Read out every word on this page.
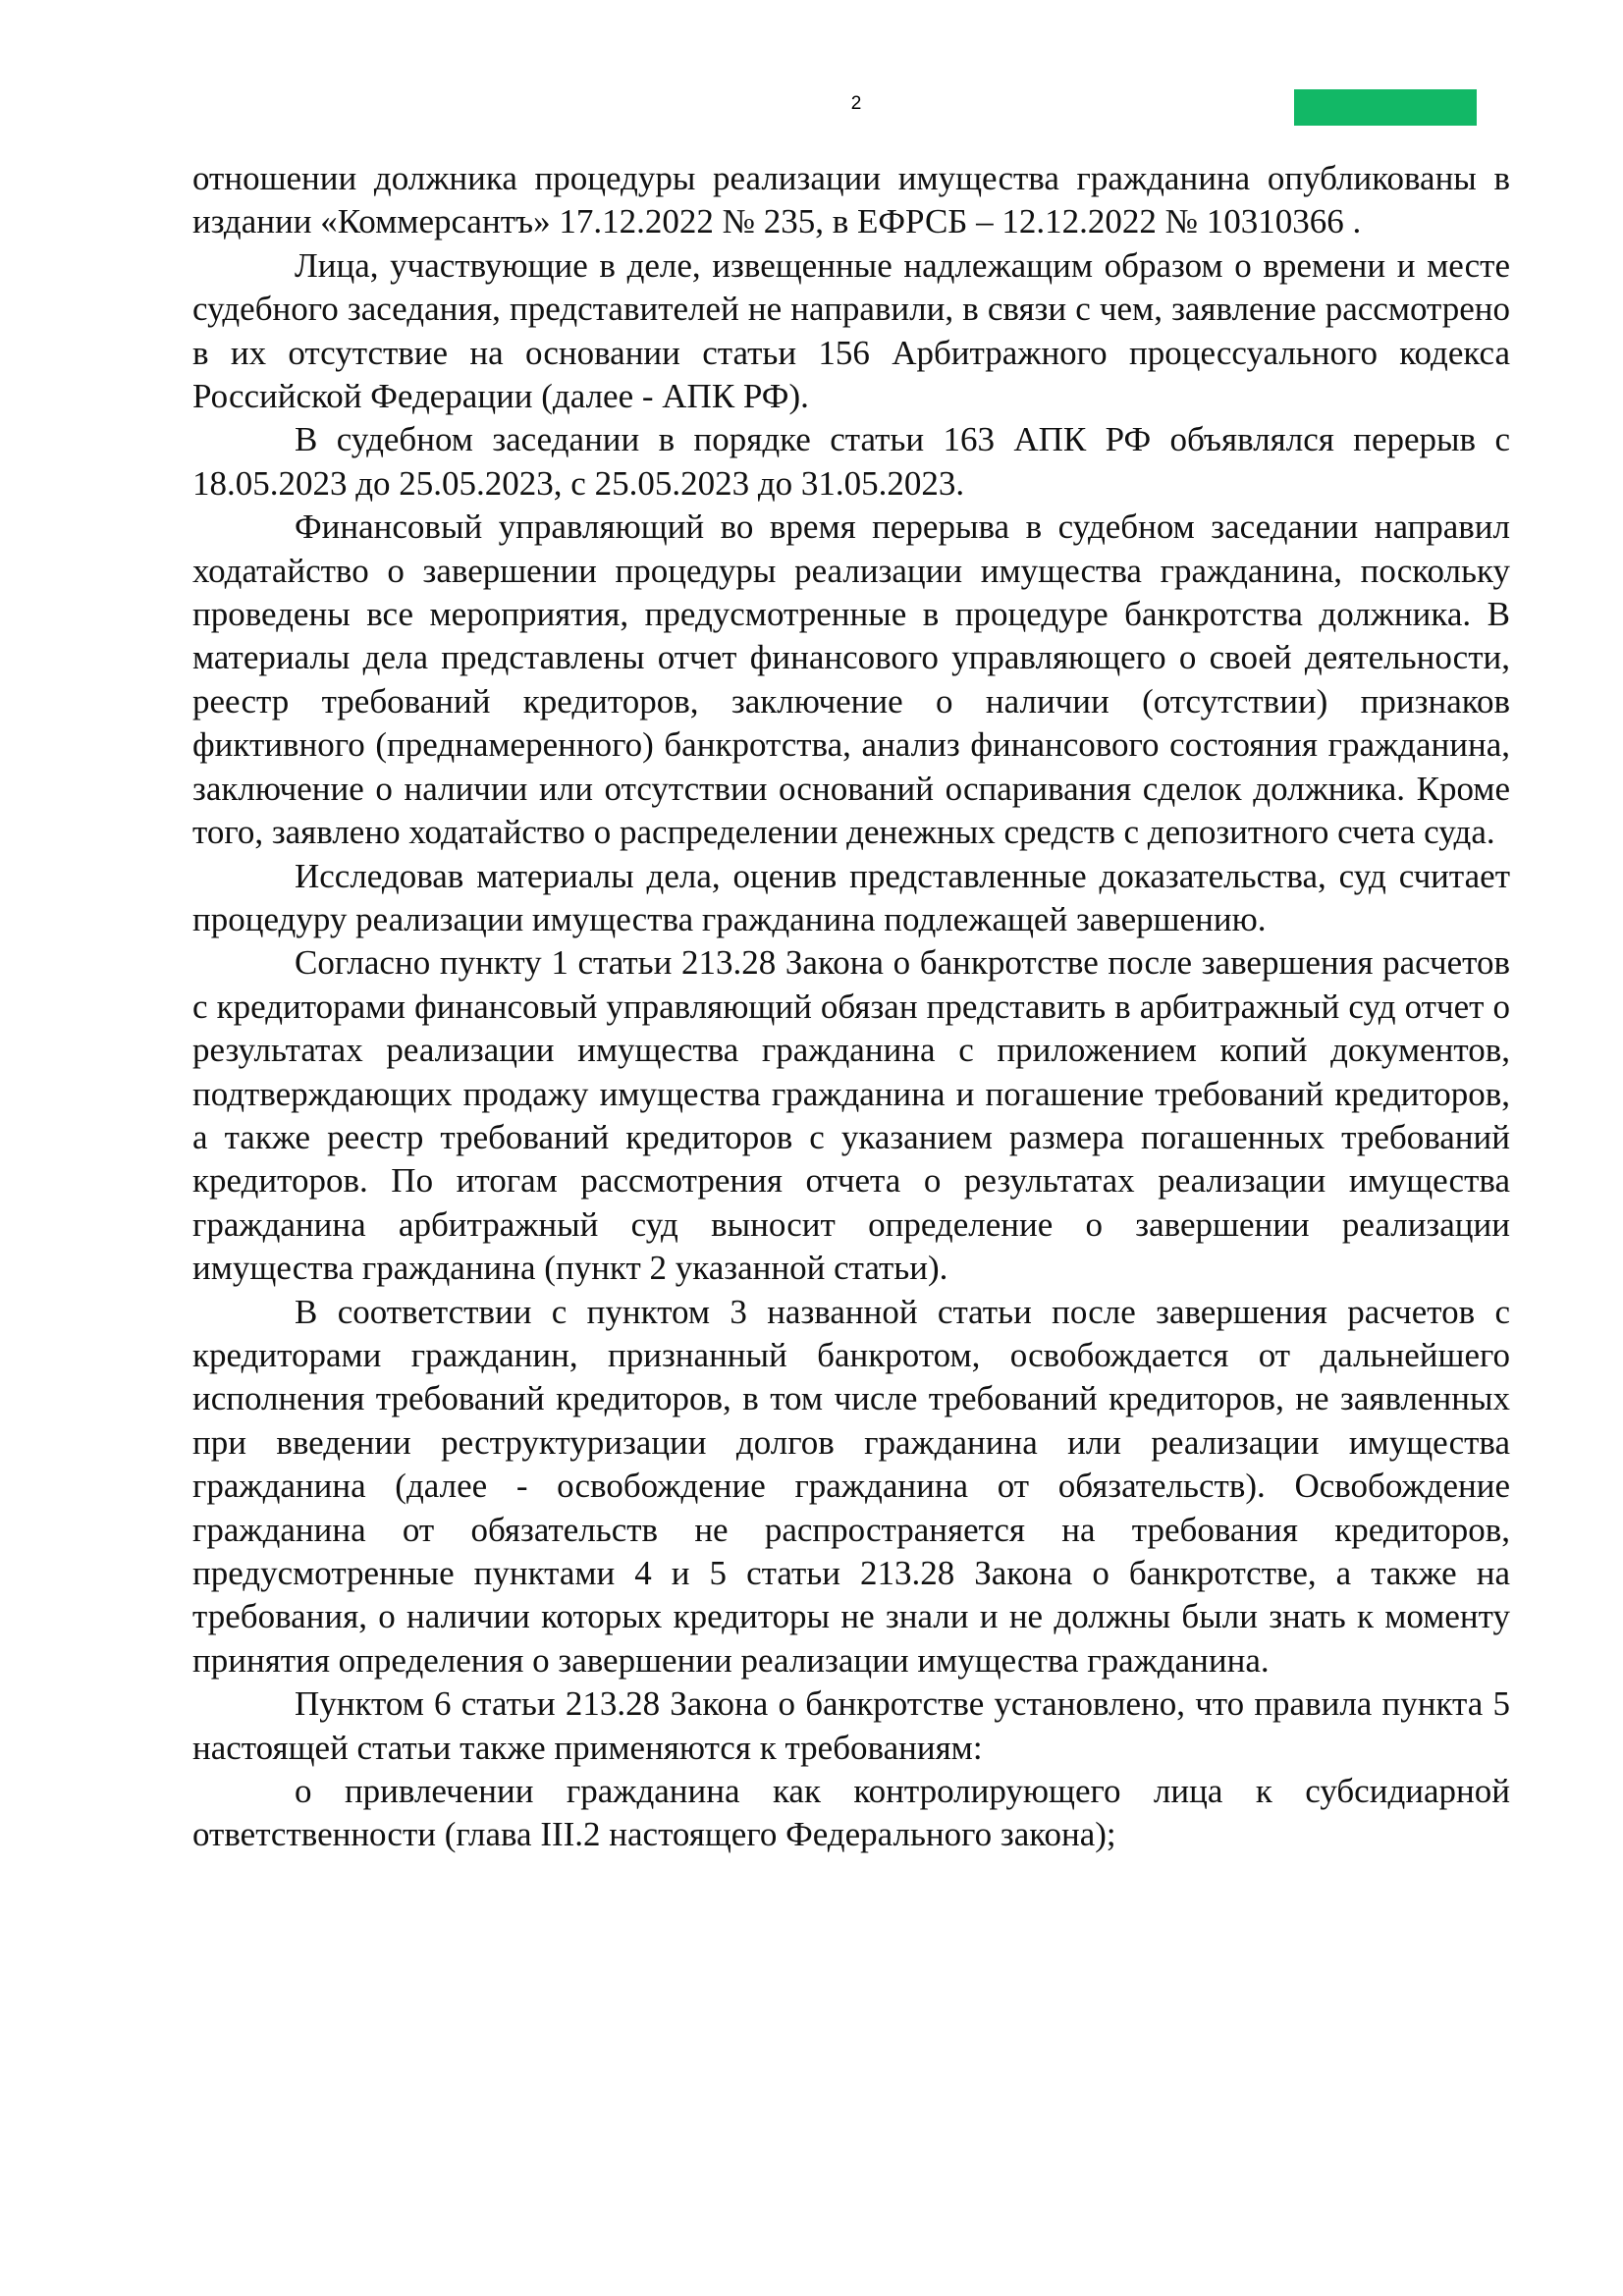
2

отношении должника процедуры реализации имущества гражданина опубликованы в издании «Коммерсантъ» 17.12.2022 № 235, в ЕФРСБ – 12.12.2022 № 10310366 .

Лица, участвующие в деле, извещенные надлежащим образом о времени и месте судебного заседания, представителей не направили, в связи с чем, заявление рассмотрено в их отсутствие на основании статьи 156 Арбитражного процессуального кодекса Российской Федерации (далее - АПК РФ).

В судебном заседании в порядке статьи 163 АПК РФ объявлялся перерыв с 18.05.2023 до 25.05.2023, с 25.05.2023 до 31.05.2023.

Финансовый управляющий во время перерыва в судебном заседании направил ходатайство о завершении процедуры реализации имущества гражданина, поскольку проведены все мероприятия, предусмотренные в процедуре банкротства должника. В материалы дела представлены отчет финансового управляющего о своей деятельности, реестр требований кредиторов, заключение о наличии (отсутствии) признаков фиктивного (преднамеренного) банкротства, анализ финансового состояния гражданина, заключение о наличии или отсутствии оснований оспаривания сделок должника. Кроме того, заявлено ходатайство о распределении денежных средств с депозитного счета суда.

Исследовав материалы дела, оценив представленные доказательства, суд считает процедуру реализации имущества гражданина подлежащей завершению.

Согласно пункту 1 статьи 213.28 Закона о банкротстве после завершения расчетов с кредиторами финансовый управляющий обязан представить в арбитражный суд отчет о результатах реализации имущества гражданина с приложением копий документов, подтверждающих продажу имущества гражданина и погашение требований кредиторов, а также реестр требований кредиторов с указанием размера погашенных требований кредиторов. По итогам рассмотрения отчета о результатах реализации имущества гражданина арбитражный суд выносит определение о завершении реализации имущества гражданина (пункт 2 указанной статьи).

В соответствии с пунктом 3 названной статьи после завершения расчетов с кредиторами гражданин, признанный банкротом, освобождается от дальнейшего исполнения требований кредиторов, в том числе требований кредиторов, не заявленных при введении реструктуризации долгов гражданина или реализации имущества гражданина (далее - освобождение гражданина от обязательств). Освобождение гражданина от обязательств не распространяется на требования кредиторов, предусмотренные пунктами 4 и 5 статьи 213.28 Закона о банкротстве, а также на требования, о наличии которых кредиторы не знали и не должны были знать к моменту принятия определения о завершении реализации имущества гражданина.

Пунктом 6 статьи 213.28 Закона о банкротстве установлено, что правила пункта 5 настоящей статьи также применяются к требованиям:

о привлечении гражданина как контролирующего лица к субсидиарной ответственности (глава III.2 настоящего Федерального закона);
